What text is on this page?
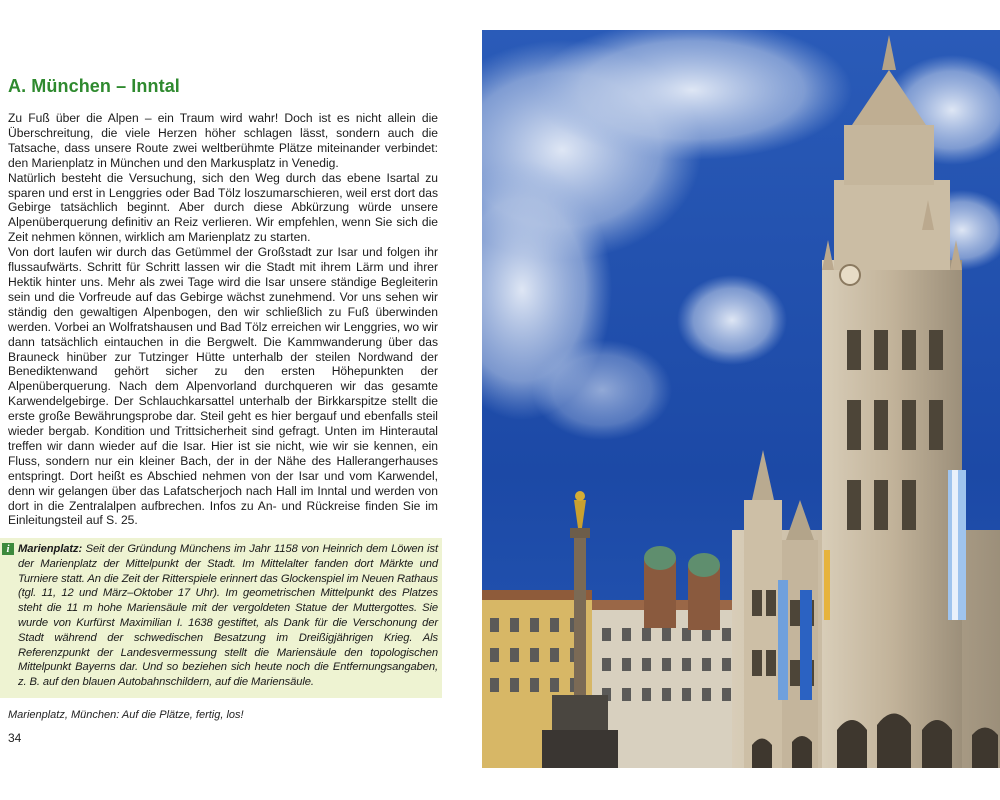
A. München – Inntal

Zu Fuß über die Alpen – ein Traum wird wahr! Doch ist es nicht allein die Überschreitung, die viele Herzen höher schlagen lässt, sondern auch die Tatsache, dass unsere Route zwei weltberühmte Plätze miteinander verbindet: den Marienplatz in München und den Markusplatz in Venedig.

Natürlich besteht die Versuchung, sich den Weg durch das ebene Isartal zu sparen und erst in Lenggries oder Bad Tölz loszumarschieren, weil erst dort das Gebirge tatsächlich beginnt. Aber durch diese Abkürzung würde unsere Alpenüberquerung definitiv an Reiz verlieren. Wir empfehlen, wenn Sie sich die Zeit nehmen können, wirklich am Marienplatz zu starten.

Von dort laufen wir durch das Getümmel der Großstadt zur Isar und folgen ihr flussaufwärts. Schritt für Schritt lassen wir die Stadt mit ihrem Lärm und ihrer Hektik hinter uns. Mehr als zwei Tage wird die Isar unsere ständige Begleiterin sein und die Vorfreude auf das Gebirge wächst zunehmend. Vor uns sehen wir ständig den gewaltigen Alpenbogen, den wir schließlich zu Fuß überwinden werden. Vorbei an Wolfratshausen und Bad Tölz erreichen wir Lenggries, wo wir dann tatsächlich eintauchen in die Bergwelt. Die Kammwanderung über das Brauneck hinüber zur Tutzinger Hütte unterhalb der steilen Nordwand der Benediktenwand gehört sicher zu den ersten Höhepunkten der Alpenüberquerung. Nach dem Alpenvorland durchqueren wir das gesamte Karwendelgebirge. Der Schlauchkarsattel unterhalb der Birkkarspitze stellt die erste große Bewährungsprobe dar. Steil geht es hier bergauf und ebenfalls steil wieder bergab. Kondition und Trittsicherheit sind gefragt. Unten im Hinterautal treffen wir dann wieder auf die Isar. Hier ist sie nicht, wie wir sie kennen, ein Fluss, sondern nur ein kleiner Bach, der in der Nähe des Hallerangerhauses entspringt. Dort heißt es Abschied nehmen von der Isar und vom Karwendel, denn wir gelangen über das Lafatscherjoch nach Hall im Inntal und werden von dort in die Zentralalpen aufbrechen. Infos zu An- und Rückreise finden Sie im Einleitungsteil auf S. 25.

i Marienplatz: Seit der Gründung Münchens im Jahr 1158 von Heinrich dem Löwen ist der Marienplatz der Mittelpunkt der Stadt. Im Mittelalter fanden dort Märkte und Turniere statt. An die Zeit der Ritterspiele erinnert das Glockenspiel im Neuen Rathaus (tgl. 11, 12 und März–Oktober 17 Uhr). Im geometrischen Mittelpunkt des Platzes steht die 11 m hohe Mariensäule mit der vergoldeten Statue der Muttergottes. Sie wurde von Kurfürst Maximilian I. 1638 gestiftet, als Dank für die Verschonung der Stadt während der schwedischen Besatzung im Dreißigjährigen Krieg. Als Referenzpunkt der Landesvermessung stellt die Mariensäule den topologischen Mittelpunkt Bayerns dar. Und so beziehen sich heute noch die Entfernungsangaben, z. B. auf den blauen Autobahnschildern, auf die Mariensäule.

Marienplatz, München: Auf die Plätze, fertig, los!
34
